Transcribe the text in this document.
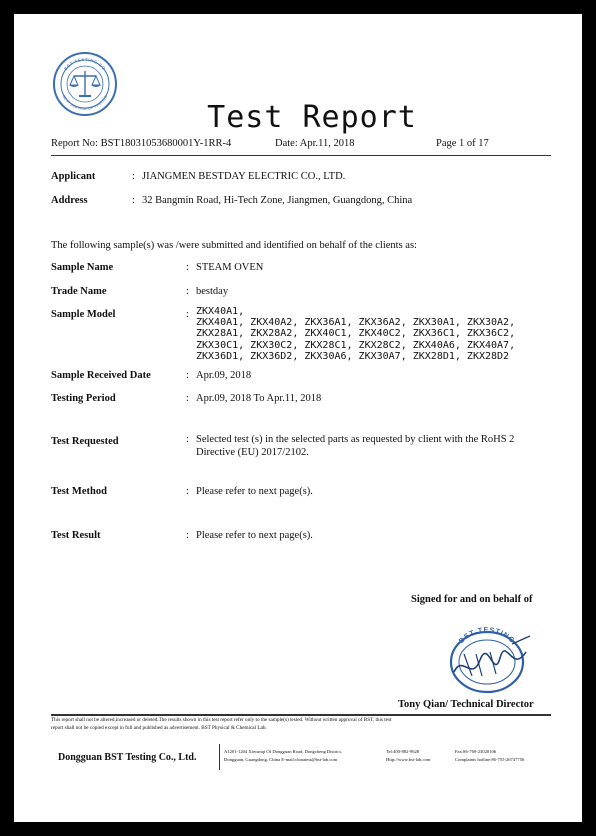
BST TESTING CO
BEST SERVICE OF TESTING
Test Report
Report No: BST18031053680001Y-1RR-4	Date: Apr.11, 2018	Page 1 of 17
Applicant	: JIANGMEN BESTDAY ELECTRIC CO., LTD.
Address	: 32 Bangmin Road, Hi-Tech Zone, Jiangmen, Guangdong, China
The following sample(s) was /were submitted and identified on behalf of the clients as:
Sample Name	: STEAM OVEN
Trade Name	: bestday
Sample Model	: ZKX40A1,
ZKX40A1, ZKX40A2, ZKX36A1, ZKX36A2, ZKX30A1, ZKX30A2,
ZKX28A1, ZKX28A2, ZKX40C1, ZKX40C2, ZKX36C1, ZKX36C2,
ZKX30C1, ZKX30C2, ZKX28C1, ZKX28C2, ZKX40A6, ZKX40A7,
ZKX36D1, ZKX36D2, ZKX30A6, ZKX30A7, ZKX28D1, ZKX28D2
Sample Received Date	: Apr.09, 2018
Testing Period	: Apr.09, 2018 To Apr.11, 2018
Test Requested	: Selected test (s) in the selected parts as requested by client with the RoHS 2
Directive (EU) 2017/2102.
Test Method	: Please refer to next page(s).
Test Result	: Please refer to next page(s).
Signed for and on behalf of
BST TESTING
Tony Qian/ Technical Director
This report shall not be altered,increased or deleted.The results shown in this test report refer only to the sample(s) tested. Without written approval of BST, this test
report shall not be copied except in full and published as advertisement. BST Physical & Chemical Lab.
Dongguan BST Testing Co., Ltd.
A1201-1204 Xiecunqi Of Dongguan Road, Dongcheng District,
Dongguan, Guangdong, China E-mail:chinatest@bst-lab.com
Tel:400-882-9628
Http://www.bst-lab.com
Fax:86-769-23020106
Complaints hotline:86-755-26747756
